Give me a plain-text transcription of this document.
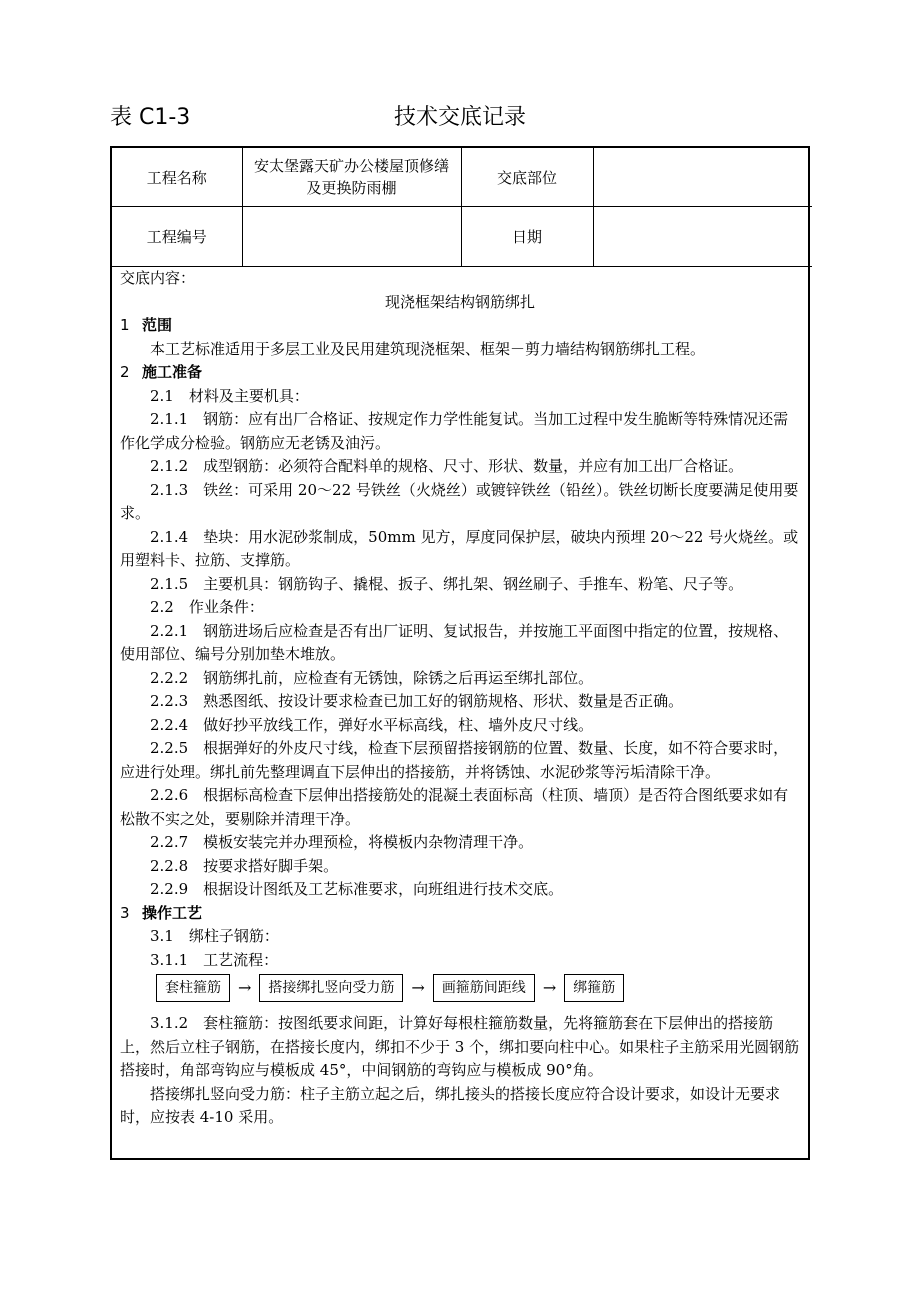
表 C1-3	技术交底记录
工程名称	安太堡露天矿办公楼屋顶修缮及更换防雨棚	交底部位	
工程编号		日期	

交底内容：

现浇框架结构钢筋绑扎

1 范围

本工艺标准适用于多层工业及民用建筑现浇框架、框架－剪力墙结构钢筋绑扎工程。

2 施工准备

2.1　材料及主要机具：

2.1.1　钢筋：应有出厂合格证、按规定作力学性能复试。当加工过程中发生脆断等特殊情况还需作化学成分检验。钢筋应无老锈及油污。

2.1.2　成型钢筋：必须符合配料单的规格、尺寸、形状、数量，并应有加工出厂合格证。

2.1.3　铁丝：可采用 20～22 号铁丝（火烧丝）或镀锌铁丝（铅丝）。铁丝切断长度要满足使用要求。

2.1.4　垫块：用水泥砂浆制成，50mm 见方，厚度同保护层，破块内预埋 20～22 号火烧丝。或用塑料卡、拉筋、支撑筋。

2.1.5　主要机具：钢筋钩子、撬棍、扳子、绑扎架、钢丝刷子、手推车、粉笔、尺子等。

2.2　作业条件：

2.2.1　钢筋进场后应检查是否有出厂证明、复试报告，并按施工平面图中指定的位置，按规格、使用部位、编号分别加垫木堆放。

2.2.2　钢筋绑扎前，应检查有无锈蚀，除锈之后再运至绑扎部位。

2.2.3　熟悉图纸、按设计要求检查已加工好的钢筋规格、形状、数量是否正确。

2.2.4　做好抄平放线工作，弹好水平标高线，柱、墙外皮尺寸线。

2.2.5　根据弹好的外皮尺寸线，检查下层预留搭接钢筋的位置、数量、长度，如不符合要求时，应进行处理。绑扎前先整理调直下层伸出的搭接筋，并将锈蚀、水泥砂浆等污垢清除干净。

2.2.6　根据标高检查下层伸出搭接筋处的混凝土表面标高（柱顶、墙顶）是否符合图纸要求如有松散不实之处，要剔除并清理干净。

2.2.7　模板安装完并办理预检，将模板内杂物清理干净。

2.2.8　按要求搭好脚手架。

2.2.9　根据设计图纸及工艺标准要求，向班组进行技术交底。

3 操作工艺

3.1　绑柱子钢筋：

3.1.1　工艺流程：

套柱箍筋	→	搭接绑扎竖向受力筋	→	画箍筋间距线	→	绑箍筋

3.1.2　套柱箍筋：按图纸要求间距，计算好每根柱箍筋数量，先将箍筋套在下层伸出的搭接筋上，然后立柱子钢筋，在搭接长度内，绑扣不少于 3 个，绑扣要向柱中心。如果柱子主筋采用光圆钢筋搭接时，角部弯钩应与模板成 45°，中间钢筋的弯钩应与模板成 90°角。

搭接绑扎竖向受力筋：柱子主筋立起之后，绑扎接头的搭接长度应符合设计要求，如设计无要求时，应按表 4-10 采用。
